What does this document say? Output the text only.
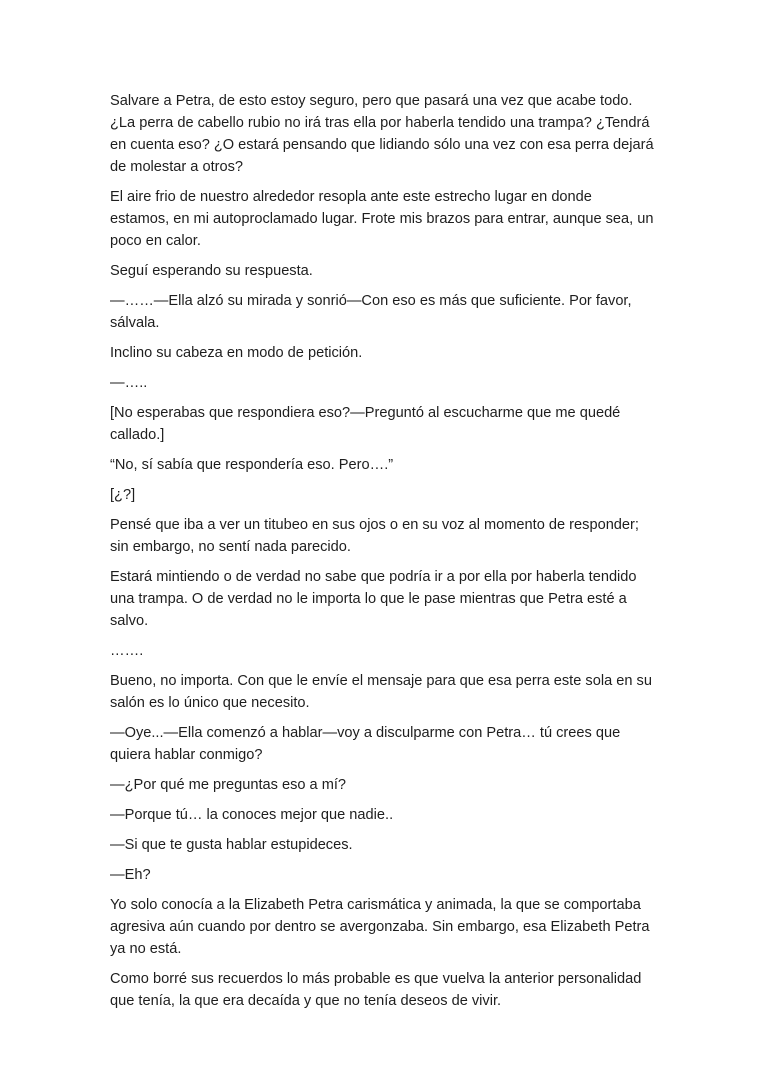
Salvare a Petra, de esto estoy seguro, pero que pasará una vez que acabe todo. ¿La perra de cabello rubio no irá tras ella por haberla tendido una trampa? ¿Tendrá en cuenta eso? ¿O estará pensando que lidiando sólo una vez con esa perra dejará de molestar a otros?

El aire frio de nuestro alrededor resopla ante este estrecho lugar en donde estamos, en mi autoproclamado lugar. Frote mis brazos para entrar, aunque sea, un poco en calor.

Seguí esperando su respuesta.

—……—Ella alzó su mirada y sonrió—Con eso es más que suficiente. Por favor, sálvala.

Inclino su cabeza en modo de petición.

—…..

[No esperabas que respondiera eso?—Preguntó al escucharme que me quedé callado.]

“No, sí sabía que respondería eso. Pero….”

[¿?]

Pensé que iba a ver un titubeo en sus ojos o en su voz al momento de responder; sin embargo, no sentí nada parecido.

Estará mintiendo o de verdad no sabe que podría ir a por ella por haberla tendido una trampa. O de verdad no le importa lo que le pase mientras que Petra esté a salvo.

…….

Bueno, no importa. Con que le envíe el mensaje para que esa perra este sola en su salón es lo único que necesito.

—Oye...—Ella comenzó a hablar—voy a disculparme con Petra… tú crees que quiera hablar conmigo?

—¿Por qué me preguntas eso a mí?

—Porque tú… la conoces mejor que nadie..

—Si que te gusta hablar estupideces.

—Eh?

Yo solo conocía a la Elizabeth Petra carismática y animada, la que se comportaba agresiva aún cuando por dentro se avergonzaba. Sin embargo, esa Elizabeth Petra ya no está.

Como borré sus recuerdos lo más probable es que vuelva la anterior personalidad que tenía, la que era decaída y que no tenía deseos de vivir.
